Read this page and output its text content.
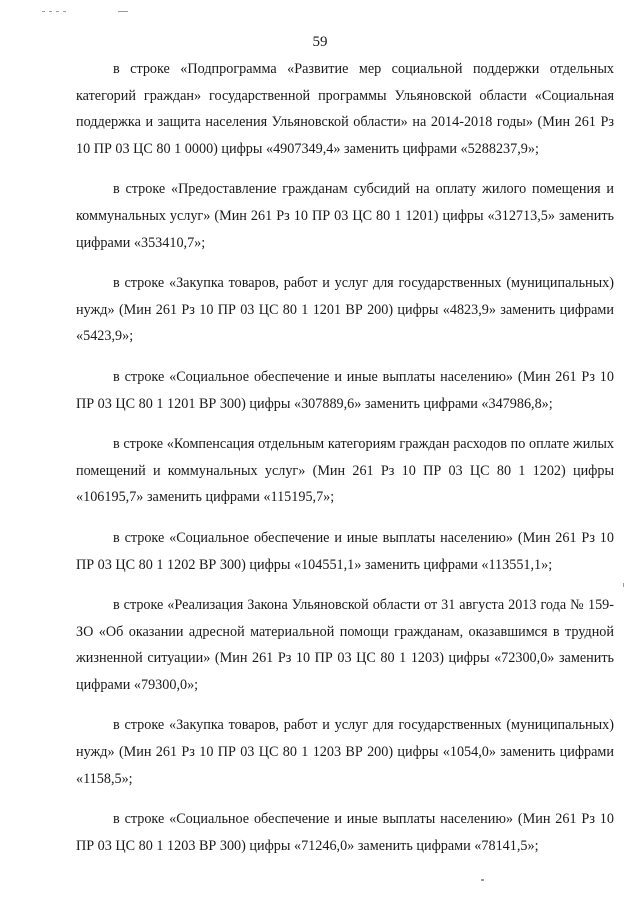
59

в строке «Подпрограмма «Развитие мер социальной поддержки отдельных категорий граждан» государственной программы Ульяновской области «Социальная поддержка и защита населения Ульяновской области» на 2014-2018 годы» (Мин 261 Рз 10 ПР 03 ЦС 80 1 0000) цифры «4907349,4» заменить цифрами «5288237,9»;

в строке «Предоставление гражданам субсидий на оплату жилого помещения и коммунальных услуг» (Мин 261 Рз 10 ПР 03 ЦС 80 1 1201) цифры «312713,5» заменить цифрами «353410,7»;

в строке «Закупка товаров, работ и услуг для государственных (муниципальных) нужд» (Мин 261 Рз 10 ПР 03 ЦС 80 1 1201 ВР 200) цифры «4823,9» заменить цифрами «5423,9»;

в строке «Социальное обеспечение и иные выплаты населению» (Мин 261 Рз 10 ПР 03 ЦС 80 1 1201 ВР 300) цифры «307889,6» заменить цифрами «347986,8»;

в строке «Компенсация отдельным категориям граждан расходов по оплате жилых помещений и коммунальных услуг» (Мин 261 Рз 10 ПР 03 ЦС 80 1 1202) цифры «106195,7» заменить цифрами «115195,7»;

в строке «Социальное обеспечение и иные выплаты населению» (Мин 261 Рз 10 ПР 03 ЦС 80 1 1202 ВР 300) цифры «104551,1» заменить цифрами «113551,1»;

в строке «Реализация Закона Ульяновской области от 31 августа 2013 года № 159-ЗО «Об оказании адресной материальной помощи гражданам, оказавшимся в трудной жизненной ситуации» (Мин 261 Рз 10 ПР 03 ЦС 80 1 1203) цифры «72300,0» заменить цифрами «79300,0»;

в строке «Закупка товаров, работ и услуг для государственных (муниципальных) нужд» (Мин 261 Рз 10 ПР 03 ЦС 80 1 1203 ВР 200) цифры «1054,0» заменить цифрами «1158,5»;

в строке «Социальное обеспечение и иные выплаты населению» (Мин 261 Рз 10 ПР 03 ЦС 80 1 1203 ВР 300) цифры «71246,0» заменить цифрами «78141,5»;
